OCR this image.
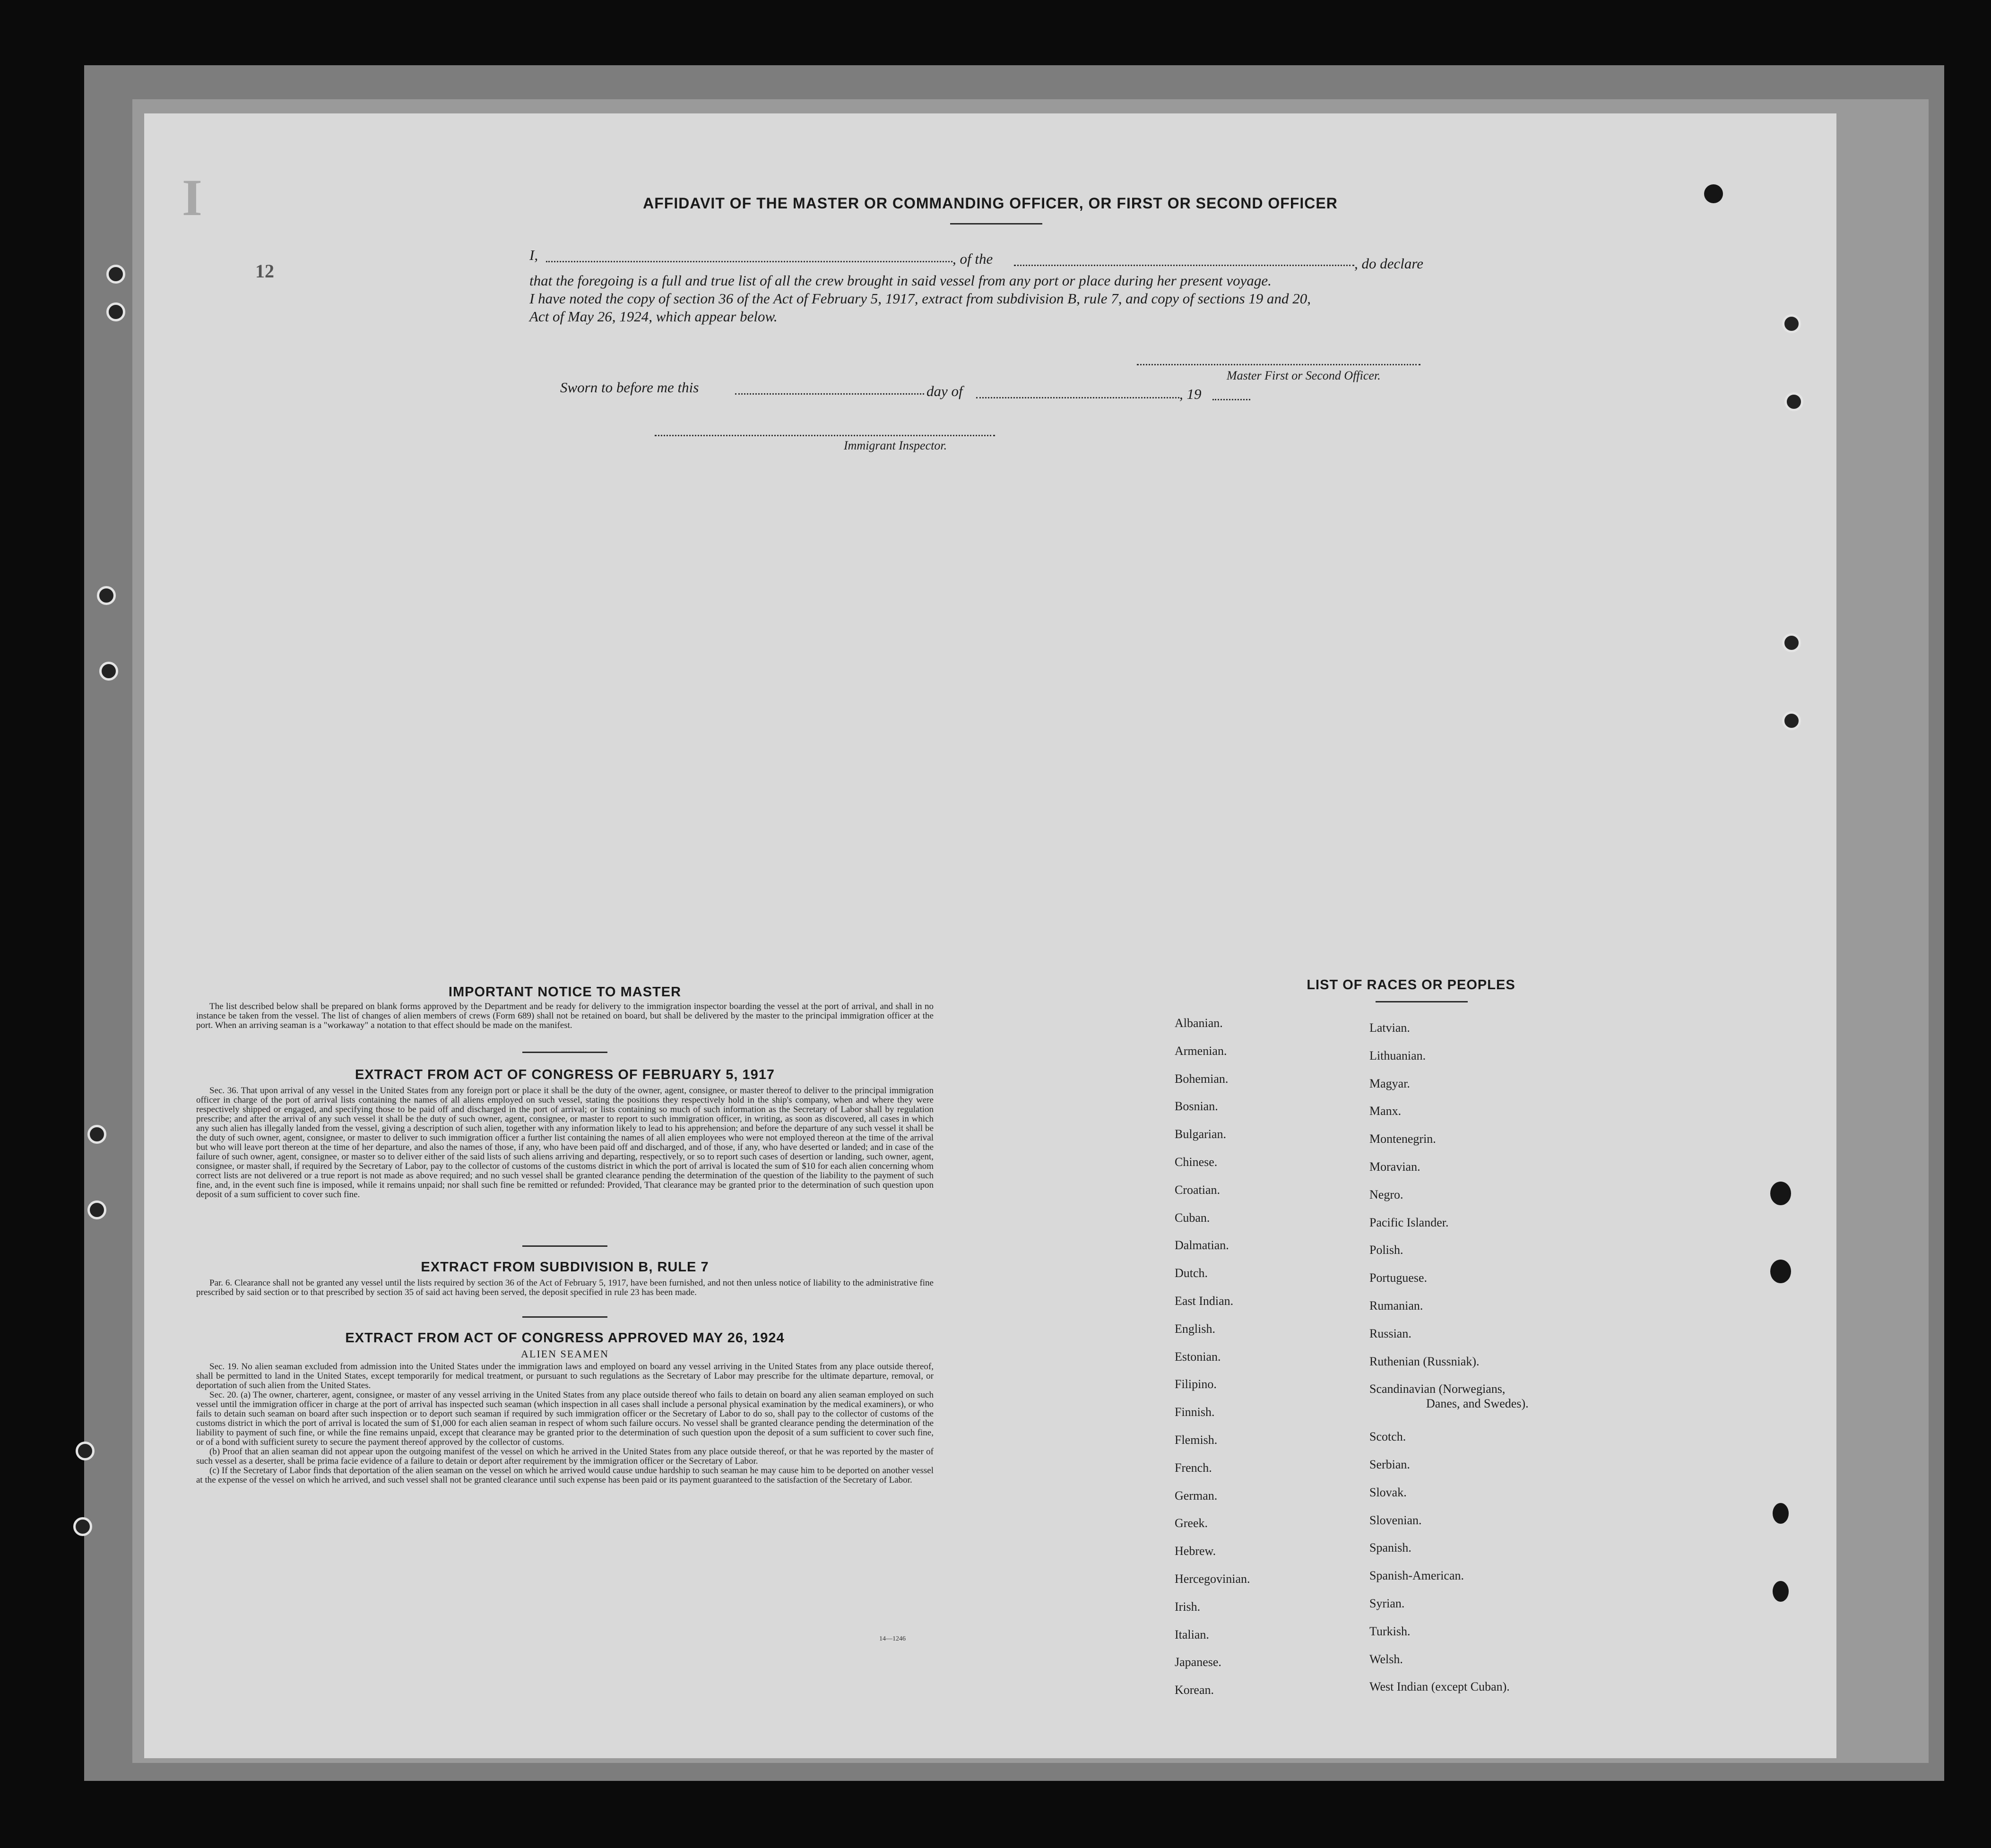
I	AFFIDAVIT OF THE MASTER OR COMMANDING OFFICER, OR FIRST OR SECOND OFFICER
12
I,	, of the	, do declare
that the foregoing is a full and true list of all the crew brought in said vessel from any port or place during her present voyage.
I have noted the copy of section 36 of the Act of February 5, 1917, extract from subdivision B, rule 7, and copy of sections 19 and 20,
Act of May 26, 1924, which appear below.
Master First or Second Officer.
Sworn to before me this	day of	, 19
Immigrant Inspector.
IMPORTANT NOTICE TO MASTER

The list described below shall be prepared on blank forms approved by the Department and be ready for delivery to the immigration inspector boarding the vessel at the port of arrival, and shall in no instance be taken from the vessel. The list of changes of alien members of crews (Form 689) shall not be retained on board, but shall be delivered by the master to the principal immigration officer at the port. When an arriving seaman is a "workaway" a notation to that effect should be made on the manifest.

EXTRACT FROM ACT OF CONGRESS OF FEBRUARY 5, 1917

Sec. 36. That upon arrival of any vessel in the United States from any foreign port or place it shall be the duty of the owner, agent, consignee, or master thereof to deliver to the principal immigration officer in charge of the port of arrival lists containing the names of all aliens employed on such vessel, stating the positions they respectively hold in the ship's company, when and where they were respectively shipped or engaged, and specifying those to be paid off and discharged in the port of arrival; or lists containing so much of such information as the Secretary of Labor shall by regulation prescribe; and after the arrival of any such vessel it shall be the duty of such owner, agent, consignee, or master to report to such immigration officer, in writing, as soon as discovered, all cases in which any such alien has illegally landed from the vessel, giving a description of such alien, together with any information likely to lead to his apprehension; and before the departure of any such vessel it shall be the duty of such owner, agent, consignee, or master to deliver to such immigration officer a further list containing the names of all alien employees who were not employed thereon at the time of the arrival but who will leave port thereon at the time of her departure, and also the names of those, if any, who have been paid off and discharged, and of those, if any, who have deserted or landed; and in case of the failure of such owner, agent, consignee, or master so to deliver either of the said lists of such aliens arriving and departing, respectively, or so to report such cases of desertion or landing, such owner, agent, consignee, or master shall, if required by the Secretary of Labor, pay to the collector of customs of the customs district in which the port of arrival is located the sum of $10 for each alien concerning whom correct lists are not delivered or a true report is not made as above required; and no such vessel shall be granted clearance pending the determination of the question of the liability to the payment of such fine, and, in the event such fine is imposed, while it remains unpaid; nor shall such fine be remitted or refunded: Provided, That clearance may be granted prior to the determination of such question upon deposit of a sum sufficient to cover such fine.

EXTRACT FROM SUBDIVISION B, RULE 7

Par. 6. Clearance shall not be granted any vessel until the lists required by section 36 of the Act of February 5, 1917, have been furnished, and not then unless notice of liability to the administrative fine prescribed by said section or to that prescribed by section 35 of said act having been served, the deposit specified in rule 23 has been made.

EXTRACT FROM ACT OF CONGRESS APPROVED MAY 26, 1924
ALIEN SEAMEN

Sec. 19. No alien seaman excluded from admission into the United States under the immigration laws and employed on board any vessel arriving in the United States from any place outside thereof, shall be permitted to land in the United States, except temporarily for medical treatment, or pursuant to such regulations as the Secretary of Labor may prescribe for the ultimate departure, removal, or deportation of such alien from the United States.

Sec. 20. (a) The owner, charterer, agent, consignee, or master of any vessel arriving in the United States from any place outside thereof who fails to detain on board any alien seaman employed on such vessel until the immigration officer in charge at the port of arrival has inspected such seaman (which inspection in all cases shall include a personal physical examination by the medical examiners), or who fails to detain such seaman on board after such inspection or to deport such seaman if required by such immigration officer or the Secretary of Labor to do so, shall pay to the collector of customs of the customs district in which the port of arrival is located the sum of $1,000 for each alien seaman in respect of whom such failure occurs. No vessel shall be granted clearance pending the determination of the liability to payment of such fine, or while the fine remains unpaid, except that clearance may be granted prior to the determination of such question upon the deposit of a sum sufficient to cover such fine, or of a bond with sufficient surety to secure the payment thereof approved by the collector of customs.

(b) Proof that an alien seaman did not appear upon the outgoing manifest of the vessel on which he arrived in the United States from any place outside thereof, or that he was reported by the master of such vessel as a deserter, shall be prima facie evidence of a failure to detain or deport after requirement by the immigration officer or the Secretary of Labor.

(c) If the Secretary of Labor finds that deportation of the alien seaman on the vessel on which he arrived would cause undue hardship to such seaman he may cause him to be deported on another vessel at the expense of the vessel on which he arrived, and such vessel shall not be granted clearance until such expense has been paid or its payment guaranteed to the satisfaction of the Secretary of Labor.

14—1246
LIST OF RACES OR PEOPLES
Danes, and Swedes).
Albanian.
Armenian.
Bohemian.
Bosnian.
Bulgarian.
Chinese.
Croatian.
Cuban.
Dalmatian.
Dutch.
East Indian.
English.
Estonian.
Filipino.
Finnish.
Flemish.
French.
German.
Greek.
Hebrew.
Hercegovinian.
Irish.
Italian.
Japanese.
Korean.
Latvian.
Lithuanian.
Magyar.
Manx.
Montenegrin.
Moravian.
Negro.
Pacific Islander.
Polish.
Portuguese.
Rumanian.
Russian.
Ruthenian (Russniak).
Scandinavian (Norwegians,
Scotch.
Serbian.
Slovak.
Slovenian.
Spanish.
Spanish-American.
Syrian.
Turkish.
Welsh.
West Indian (except Cuban).
